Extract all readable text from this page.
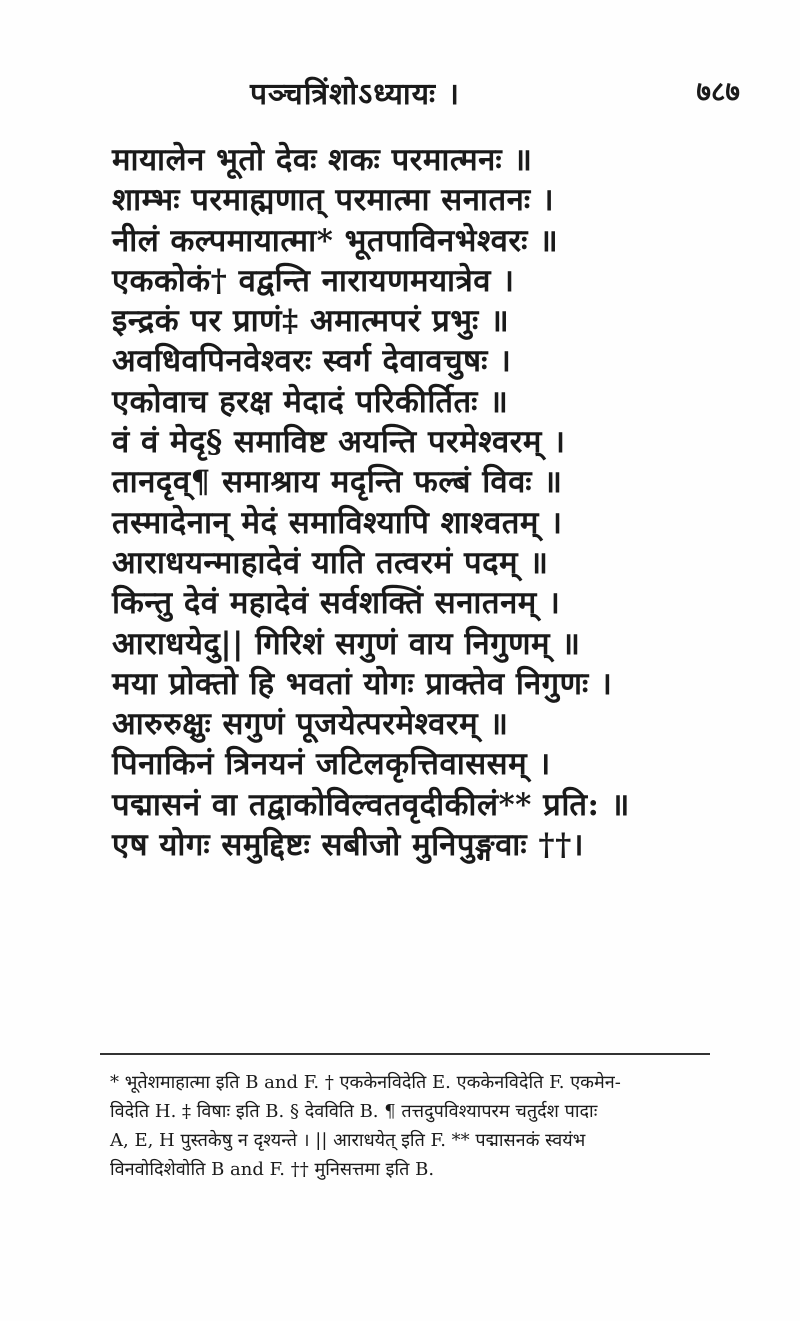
पञ्चत्रिंशोऽध्यायः ।	७८७
मायालेन भूतो देवः शकः परमात्मनः ॥
शाम्भः परमाह्मणात् परमात्मा सनातनः ।
नीलं कल्पमायात्मा* भूतपाविनभेश्वरः ॥
एककोकं† वद्वन्ति नारायणमयात्रेव ।
इन्द्रकं पर प्राणं‡ अमात्मपरं प्रभुः ॥
अवधिवपिनवेश्वरः स्वर्ग देवावचुषः ।
एकोवाच हरक्ष मेदादं परिकीर्तितः ॥
वं वं मेदृ§ समाविष्ट अयन्ति परमेश्वरम् ।
तानदृव्¶ समाश्राय मदृन्ति फल्बं विवः ॥
तस्मादेनान् मेदं समाविश्यापि शाश्वतम् ।
आराधयन्माहादेवं याति तत्वरमं पदम् ॥
किन्तु देवं महादेवं सर्वशक्तिं सनातनम् ।
आराधयेदु|| गिरिशं सगुणं वाय निगुणम् ॥
मया प्रोक्तो हि भवतां योगः प्राक्तेव निगुणः ।
आरुरुक्षुः सगुणं पूजयेत्परमेश्वरम् ॥
पिनाकिनं त्रिनयनं जटिलकृत्तिवाससम् ।
पद्मासनं वा तद्वाकोविल्वतवृदीकीलं** प्रति: ॥
एष योगः समुद्दिष्टः सबीजो मुनिपुङ्गवाः ††।
* भूतेशमाहात्मा इति B and F. † एककेनविदेति E. एककेनविदेति F. एकमेन-
विदेति H. ‡ विषाः इति B. § देवविति B. ¶ तत्तदुपविश्यापरम चतुर्दश पादाः
A, E, H पुस्तकेषु न दृश्यन्ते । || आराधयेत् इति F. ** पद्मासनकं स्वयंभ
विनवोदिशेवोति B and F. †† मुनिसत्तमा इति B.
